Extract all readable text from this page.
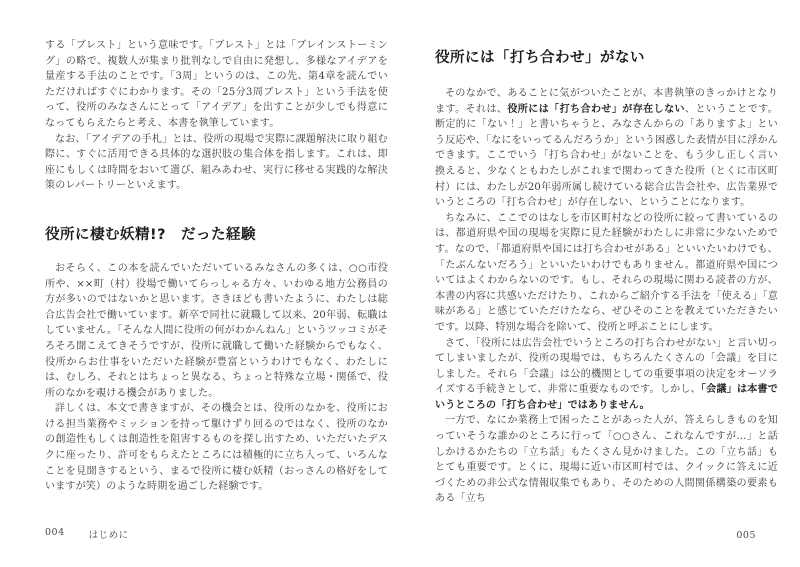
する「ブレスト」という意味です。「ブレスト」とは「ブレインストーミング」の略で、複数人が集まり批判なしで自由に発想し、多様なアイデアを量産する手法のことです。「3周」というのは、この先、第4章を読んでいただければすぐにわかります。その「25分3周ブレスト」という手法を使って、役所のみなさんにとって「アイデア」を出すことが少しでも得意になってもらえたらと考え、本書を執筆しています。

なお、「アイデアの手札」とは、役所の現場で実際に課題解決に取り組む際に、すぐに活用できる具体的な選択肢の集合体を指します。これは、即座にもしくは時間をおいて選び、組みあわせ、実行に移せる実践的な解決策のレパートリーといえます。

役所に棲む妖精!?　だった経験

おそらく、この本を読んでいただいているみなさんの多くは、○○市役所や、××町（村）役場で働いてらっしゃる方々、いわゆる地方公務員の方が多いのではないかと思います。さきほども書いたように、わたしは総合広告会社で働いています。新卒で同社に就職して以来、20年弱、転職はしていません。「そんな人間に役所の何がわかんねん」というツッコミがそろそろ聞こえてきそうですが、役所に就職して働いた経験からでもなく、役所からお仕事をいただいた経験が豊富というわけでもなく、わたしには、むしろ、それとはちょっと異なる、ちょっと特殊な立場・関係で、役所のなかを覗ける機会がありました。

詳しくは、本文で書きますが、その機会とは、役所のなかを、役所における担当業務やミッションを持って駆けずり回るのではなく、役所のなかの創造性もしくは創造性を阻害するものを探し出すため、いただいたデスクに座ったり、許可をもらえたところには積極的に立ち入って、いろんなことを見聞きするという、まるで役所に棲む妖精（おっさんの格好をしていますが笑）のような時期を過ごした経験です。

004	はじめに
役所には「打ち合わせ」がない

そのなかで、あることに気がついたことが、本書執筆のきっかけとなります。それは、役所には「打ち合わせ」が存在しない、ということです。断定的に「ない！」と書いちゃうと、みなさんからの「ありますよ」という反応や、「なにをいってるんだろうか」という困惑した表情が目に浮かんできます。ここでいう「打ち合わせ」がないことを、もう少し正しく言い換えると、少なくともわたしがこれまで関わってきた役所（とくに市区町村）には、わたしが20年弱所属し続けている総合広告会社や、広告業界でいうところの「打ち合わせ」が存在しない、ということになります。

ちなみに、ここでのはなしを市区町村などの役所に絞って書いているのは、都道府県や国の現場を実際に見た経験がわたしに非常に少ないためです。なので、「都道府県や国には打ち合わせがある」といいたいわけでも、「たぶんないだろう」といいたいわけでもありません。都道府県や国についてはよくわからないのです。もし、それらの現場に関わる読者の方が、本書の内容に共感いただけたり、これからご紹介する手法を「使える」「意味がある」と感じていただけたなら、ぜひそのことを教えていただきたいです。以降、特別な場合を除いて、役所と呼ぶことにします。

さて、「役所には広告会社でいうところの打ち合わせがない」と言い切ってしまいましたが、役所の現場では、もちろんたくさんの「会議」を目にしました。それら「会議」は公的機関としての重要事項の決定をオーソライズする手続きとして、非常に重要なものです。しかし、「会議」は本書でいうところの「打ち合わせ」ではありません。

一方で、なにか業務上で困ったことがあった人が、答えらしきものを知っていそうな誰かのところに行って「○○さん、これなんですが…」と話しかけるかたちの「立ち話」もたくさん見かけました。この「立ち話」もとても重要です。とくに、現場に近い市区町村では、クイックに答えに近づくための非公式な情報収集でもあり、そのための人間関係構築の要素もある「立ち

005
